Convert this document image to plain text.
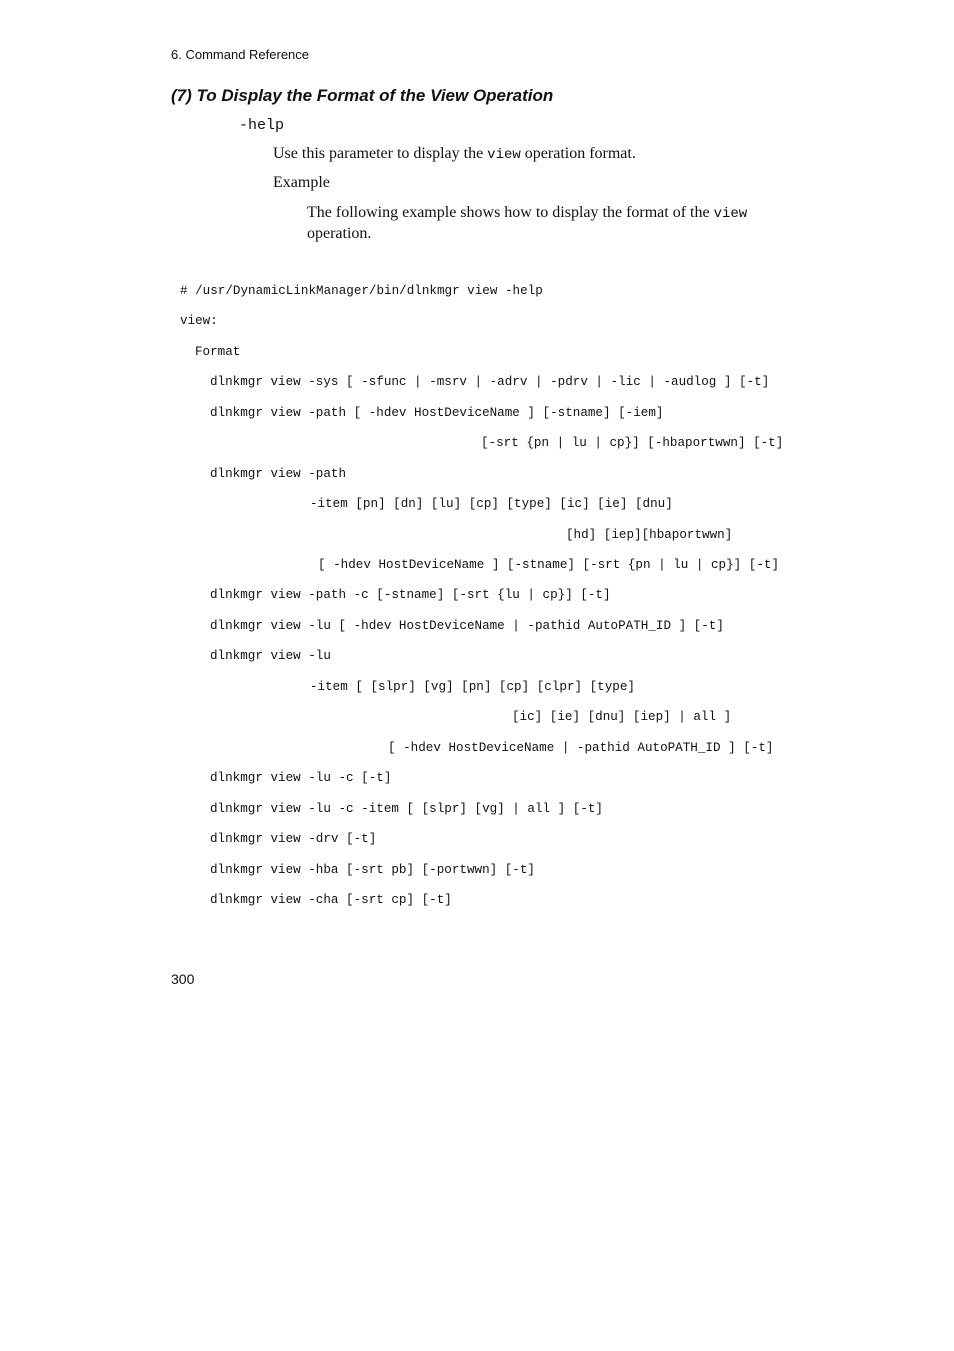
6. Command Reference
(7) To Display the Format of the View Operation
-help
Use this parameter to display the view operation format.
Example
The following example shows how to display the format of the view operation.
# /usr/DynamicLinkManager/bin/dlnkmgr view -help
view:
Format
dlnkmgr view -sys [ -sfunc | -msrv | -adrv | -pdrv | -lic | -audlog ] [-t]
dlnkmgr view -path [ -hdev HostDeviceName ] [-stname] [-iem]
[-srt {pn | lu | cp}] [-hbaportwwn] [-t]
dlnkmgr view -path
-item [pn] [dn] [lu] [cp] [type] [ic] [ie] [dnu]
[hd] [iep][hbaportwwn]
[ -hdev HostDeviceName ] [-stname] [-srt {pn | lu | cp}] [-t]
dlnkmgr view -path -c [-stname] [-srt {lu | cp}] [-t]
dlnkmgr view -lu [ -hdev HostDeviceName | -pathid AutoPATH_ID ] [-t]
dlnkmgr view -lu
-item [ [slpr] [vg] [pn] [cp] [clpr] [type]
[ic] [ie] [dnu] [iep] | all ]
[ -hdev HostDeviceName | -pathid AutoPATH_ID ] [-t]
dlnkmgr view -lu -c [-t]
dlnkmgr view -lu -c -item [ [slpr] [vg] | all ] [-t]
dlnkmgr view -drv [-t]
dlnkmgr view -hba [-srt pb] [-portwwn] [-t]
dlnkmgr view -cha [-srt cp] [-t]
300
